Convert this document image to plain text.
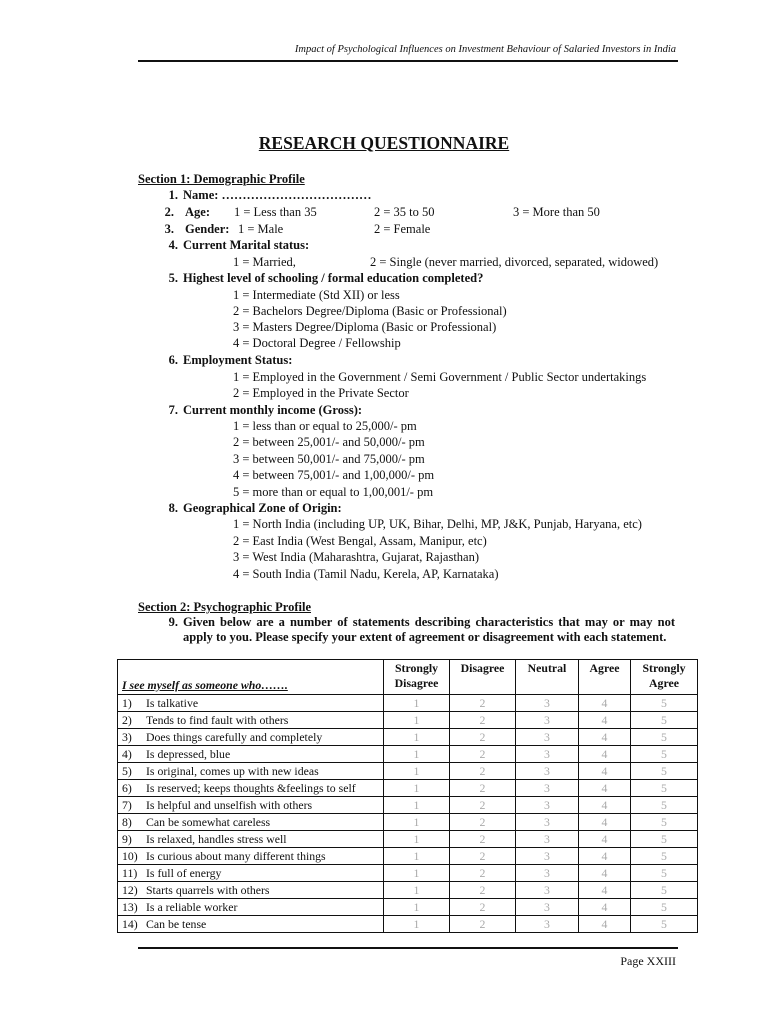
Impact of Psychological Influences on Investment Behaviour of Salaried Investors in India
RESEARCH QUESTIONNAIRE
Section 1: Demographic Profile
1. Name: ………………………………
2. Age: 1 = Less than 35	2 = 35 to 50	3 = More than 50
3. Gender: 1 = Male	2 = Female
4. Current Marital status:
1 = Married,	2 = Single (never married, divorced, separated, widowed)
5. Highest level of schooling / formal education completed?
1 = Intermediate (Std XII) or less
2 = Bachelors Degree/Diploma (Basic or Professional)
3 = Masters Degree/Diploma (Basic or Professional)
4 = Doctoral Degree / Fellowship
6. Employment Status:
1 = Employed in the Government / Semi Government / Public Sector undertakings
2 = Employed in the Private Sector
7. Current monthly income (Gross):
1 = less than or equal to 25,000/- pm
2 = between 25,001/- and 50,000/- pm
3 = between 50,001/- and 75,000/- pm
4 = between 75,001/- and 1,00,000/- pm
5 = more than or equal to 1,00,001/- pm
8. Geographical Zone of Origin:
1 = North India (including UP, UK, Bihar, Delhi, MP, J&K, Punjab, Haryana, etc)
2 = East India (West Bengal, Assam, Manipur, etc)
3 = West India (Maharashtra, Gujarat, Rajasthan)
4 = South India (Tamil Nadu, Kerela, AP, Karnataka)
Section 2: Psychographic Profile
9. Given below are a number of statements describing characteristics that may or may not apply to you. Please specify your extent of agreement or disagreement with each statement.
I see myself as someone who…….	Strongly Disagree	Disagree	Neutral	Agree	Strongly Agree
1) Is talkative	1	2	3	4	5
2) Tends to find fault with others	1	2	3	4	5
3) Does things carefully and completely	1	2	3	4	5
4) Is depressed, blue	1	2	3	4	5
5) Is original, comes up with new ideas	1	2	3	4	5
6) Is reserved; keeps thoughts &feelings to self	1	2	3	4	5
7) Is helpful and unselfish with others	1	2	3	4	5
8) Can be somewhat careless	1	2	3	4	5
9) Is relaxed, handles stress well	1	2	3	4	5
10) Is curious about many different things	1	2	3	4	5
11) Is full of energy	1	2	3	4	5
12) Starts quarrels with others	1	2	3	4	5
13) Is a reliable worker	1	2	3	4	5
14) Can be tense	1	2	3	4	5
Page XXIII
